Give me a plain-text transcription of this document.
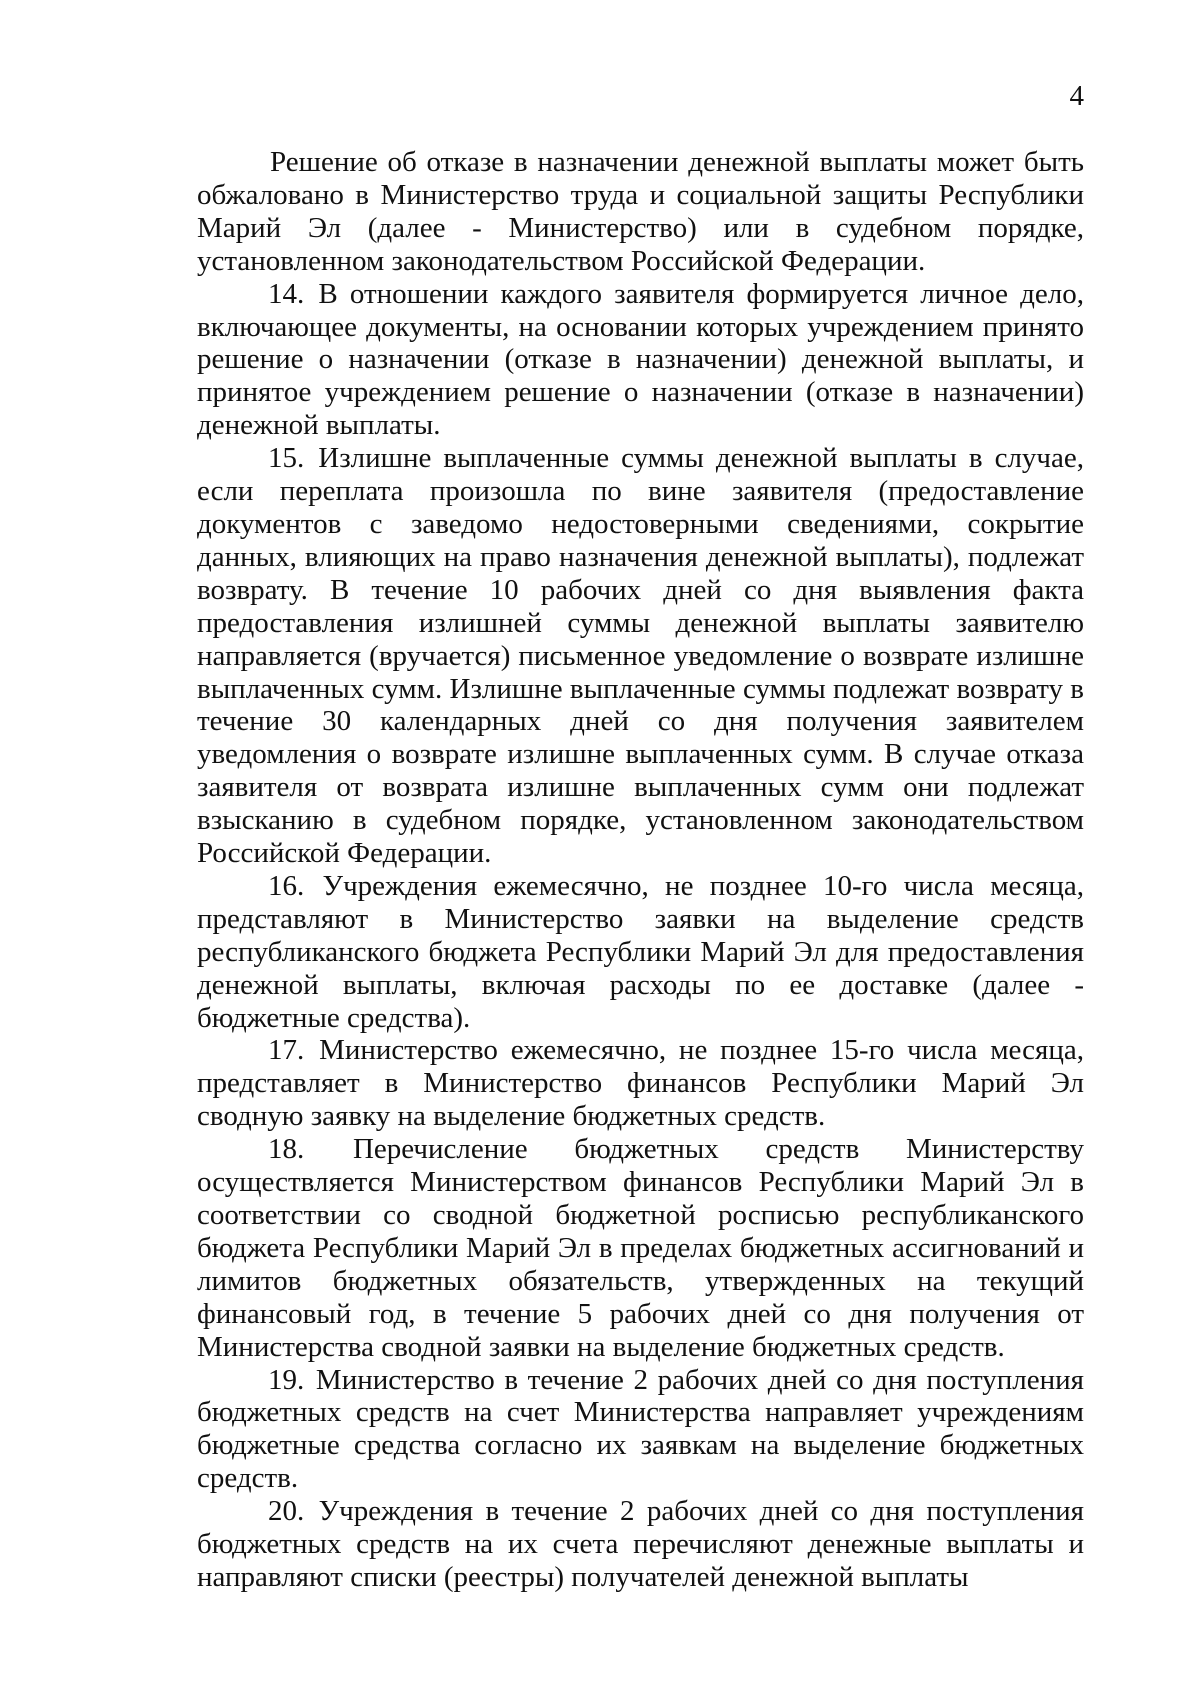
4

Решение об отказе в назначении денежной выплаты может быть обжаловано в Министерство труда и социальной защиты Республики Марий Эл (далее - Министерство) или в судебном порядке, установленном законодательством Российской Федерации.

14. В отношении каждого заявителя формируется личное дело, включающее документы, на основании которых учреждением принято решение о назначении (отказе в назначении) денежной выплаты, и принятое учреждением решение о назначении (отказе в назначении) денежной выплаты.

15. Излишне выплаченные суммы денежной выплаты в случае, если переплата произошла по вине заявителя (предоставление документов с заведомо недостоверными сведениями, сокрытие данных, влияющих на право назначения денежной выплаты), подлежат возврату. В течение 10 рабочих дней со дня выявления факта предоставления излишней суммы денежной выплаты заявителю направляется (вручается) письменное уведомление о возврате излишне выплаченных сумм. Излишне выплаченные суммы подлежат возврату в течение 30 календарных дней со дня получения заявителем уведомления о возврате излишне выплаченных сумм. В случае отказа заявителя от возврата излишне выплаченных сумм они подлежат взысканию в судебном порядке, установленном законодательством Российской Федерации.

16. Учреждения ежемесячно, не позднее 10-го числа месяца, представляют в Министерство заявки на выделение средств республиканского бюджета Республики Марий Эл для предоставления денежной выплаты, включая расходы по ее доставке (далее - бюджетные средства).

17. Министерство ежемесячно, не позднее 15-го числа месяца, представляет в Министерство финансов Республики Марий Эл сводную заявку на выделение бюджетных средств.

18. Перечисление бюджетных средств Министерству осуществляется Министерством финансов Республики Марий Эл в соответствии со сводной бюджетной росписью республиканского бюджета Республики Марий Эл в пределах бюджетных ассигнований и лимитов бюджетных обязательств, утвержденных на текущий финансовый год, в течение 5 рабочих дней со дня получения от Министерства сводной заявки на выделение бюджетных средств.

19. Министерство в течение 2 рабочих дней со дня поступления бюджетных средств на счет Министерства направляет учреждениям бюджетные средства согласно их заявкам на выделение бюджетных средств.

20. Учреждения в течение 2 рабочих дней со дня поступления бюджетных средств на их счета перечисляют денежные выплаты и направляют списки (реестры) получателей денежной выплаты
